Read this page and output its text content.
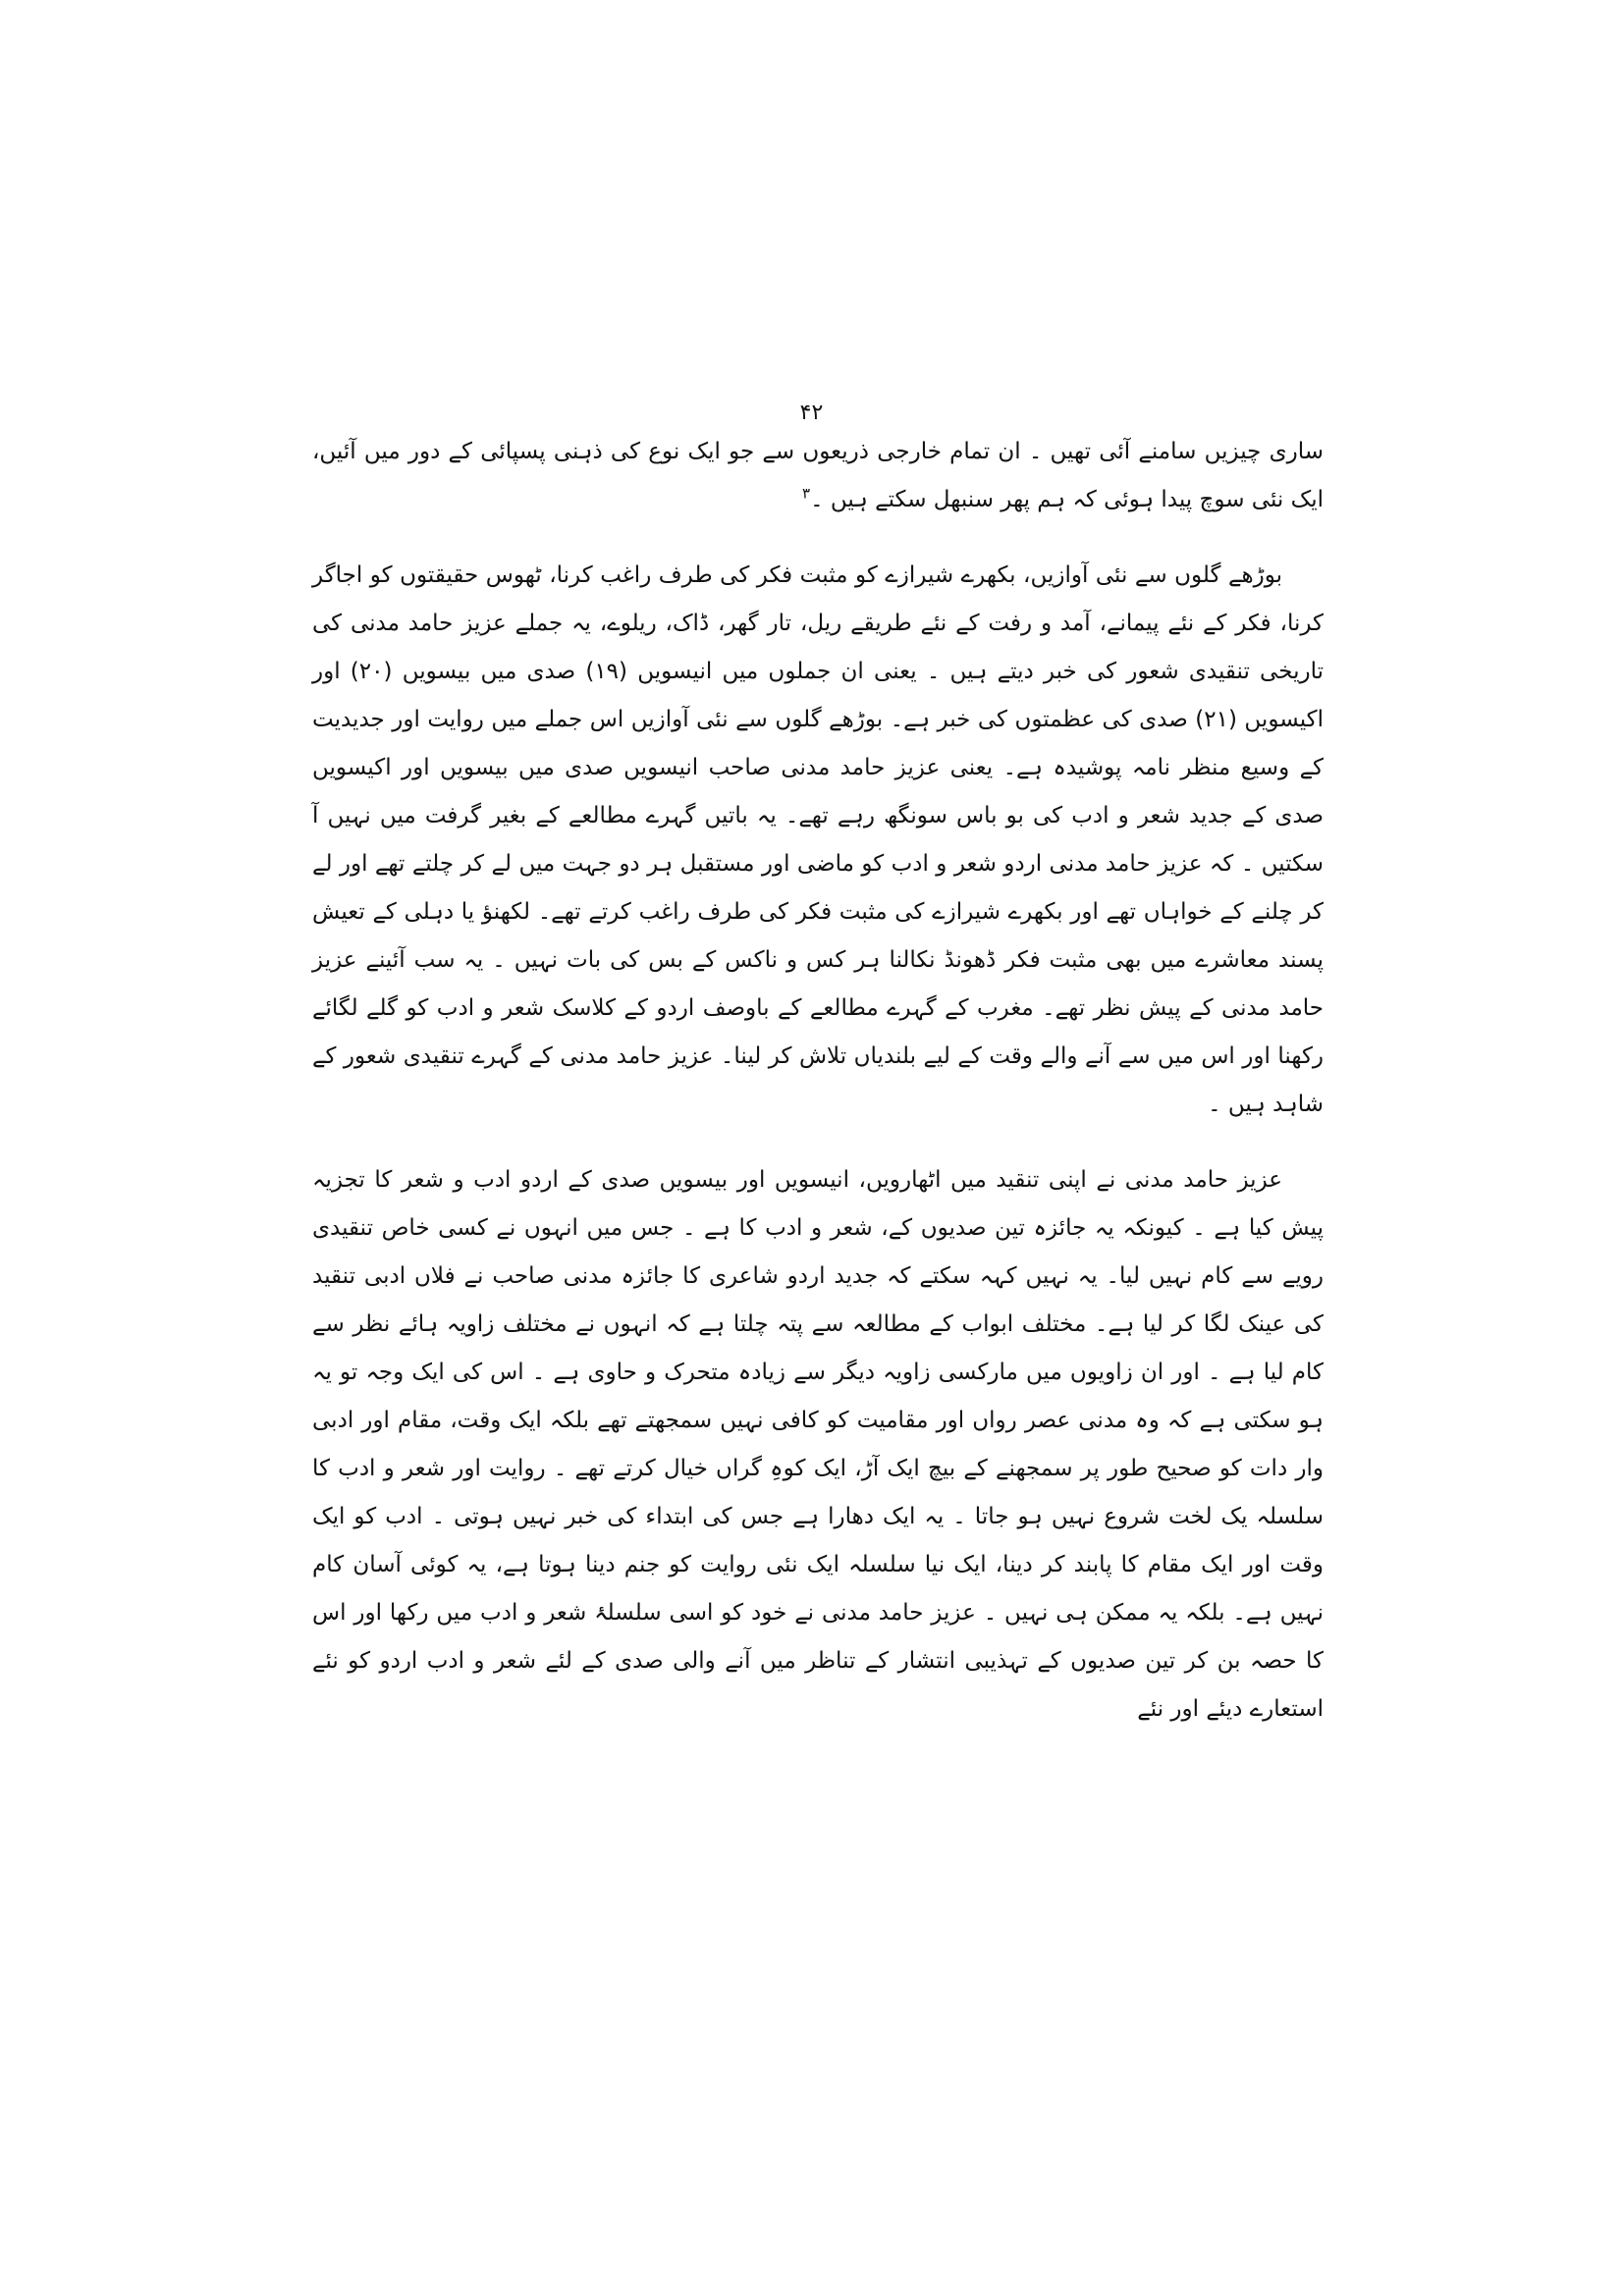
۴۲

ساری چیزیں سامنے آئی تھیں ۔ ان تمام خارجی ذریعوں سے جو ایک نوع کی ذہنی پسپائی کے دور میں آئیں، ایک نئی سوچ پیدا ہوئی کہ ہم پھر سنبھل سکتے ہیں ۔$^۳$

بوڑھے گلوں سے نئی آوازیں، بکھرے شیرازے کو مثبت فکر کی طرف راغب کرنا، ٹھوس حقیقتوں کو اجاگر کرنا، فکر کے نئے پیمانے، آمد و رفت کے نئے طریقے ریل، تار گھر، ڈاک، ریلوے، یہ جملے عزیز حامد مدنی کی تاریخی تنقیدی شعور کی خبر دیتے ہیں ۔ یعنی ان جملوں میں انیسویں (۱۹) صدی میں بیسویں (۲۰) اور اکیسویں (۲۱) صدی کی عظمتوں کی خبر ہے۔ بوڑھے گلوں سے نئی آوازیں اس جملے میں روایت اور جدیدیت کے وسیع منظر نامہ پوشیدہ ہے۔ یعنی عزیز حامد مدنی صاحب انیسویں صدی میں بیسویں اور اکیسویں صدی کے جدید شعر و ادب کی بو باس سونگھ رہے تھے۔ یہ باتیں گہرے مطالعے کے بغیر گرفت میں نہیں آ سکتیں ۔ کہ عزیز حامد مدنی اردو شعر و ادب کو ماضی اور مستقبل ہر دو جہت میں لے کر چلتے تھے اور لے کر چلنے کے خواہاں تھے اور بکھرے شیرازے کی مثبت فکر کی طرف راغب کرتے تھے۔ لکھنؤ یا دہلی کے تعیش پسند معاشرے میں بھی مثبت فکر ڈھونڈ نکالنا ہر کس و ناکس کے بس کی بات نہیں ۔ یہ سب آئینے عزیز حامد مدنی کے پیش نظر تھے۔ مغرب کے گہرے مطالعے کے باوصف اردو کے کلاسک شعر و ادب کو گلے لگائے رکھنا اور اس میں سے آنے والے وقت کے لیے بلندیاں تلاش کر لینا۔ عزیز حامد مدنی کے گہرے تنقیدی شعور کے شاہد ہیں ۔

عزیز حامد مدنی نے اپنی تنقید میں اٹھارویں، انیسویں اور بیسویں صدی کے اردو ادب و شعر کا تجزیہ پیش کیا ہے ۔ کیونکہ یہ جائزہ تین صدیوں کے، شعر و ادب کا ہے ۔ جس میں انہوں نے کسی خاص تنقیدی رویے سے کام نہیں لیا۔ یہ نہیں کہہ سکتے کہ جدید اردو شاعری کا جائزہ مدنی صاحب نے فلاں ادبی تنقید کی عینک لگا کر لیا ہے۔ مختلف ابواب کے مطالعہ سے پتہ چلتا ہے کہ انہوں نے مختلف زاویہ ہائے نظر سے کام لیا ہے ۔ اور ان زاویوں میں مارکسی زاویہ دیگر سے زیادہ متحرک و حاوی ہے ۔ اس کی ایک وجہ تو یہ ہو سکتی ہے کہ وہ مدنی عصر رواں اور مقامیت کو کافی نہیں سمجھتے تھے بلکہ ایک وقت، مقام اور ادبی وار دات کو صحیح طور پر سمجھنے کے بیچ ایک آڑ، ایک کوہِ گراں خیال کرتے تھے ۔ روایت اور شعر و ادب کا سلسلہ یک لخت شروع نہیں ہو جاتا ۔ یہ ایک دھارا ہے جس کی ابتداء کی خبر نہیں ہوتی ۔ ادب کو ایک وقت اور ایک مقام کا پابند کر دینا، ایک نیا سلسلہ ایک نئی روایت کو جنم دینا ہوتا ہے، یہ کوئی آسان کام نہیں ہے۔ بلکہ یہ ممکن ہی نہیں ۔ عزیز حامد مدنی نے خود کو اسی سلسلۂ شعر و ادب میں رکھا اور اس کا حصہ بن کر تین صدیوں کے تہذیبی انتشار کے تناظر میں آنے والی صدی کے لئے شعر و ادب اردو کو نئے استعارے دیئے اور نئے
